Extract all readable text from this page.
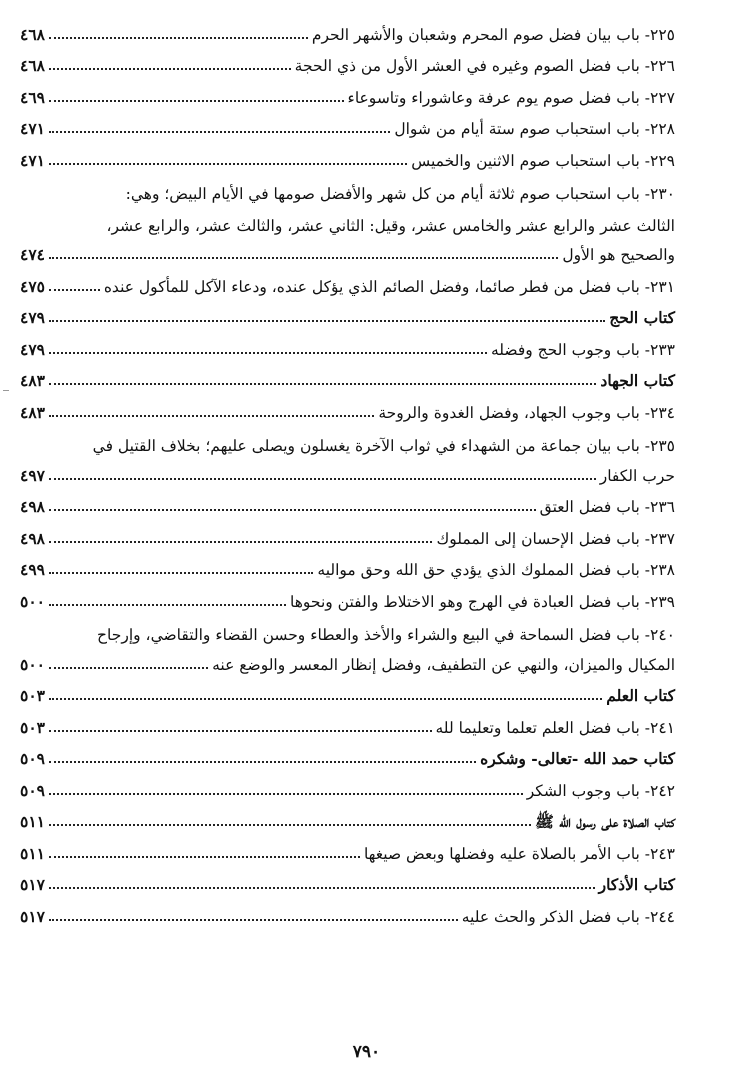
٢٢٥- باب بيان فضل صوم المحرم وشعبان والأشهر الحرم
٤٦٨
٢٢٦- باب فضل الصوم وغيره في العشر الأول من ذي الحجة
٤٦٨
٢٢٧- باب فضل صوم يوم عرفة وعاشوراء وتاسوعاء
٤٦٩
٢٢٨- باب استحباب صوم ستة أيام من شوال
٤٧١
٢٢٩- باب استحباب صوم الاثنين والخميس
٤٧١
٢٣٠- باب استحباب صوم ثلاثة أيام من كل شهر والأفضل صومها في الأيام البيض؛ وهي:
الثالث عشر والرابع عشر والخامس عشر، وقيل: الثاني عشر، والثالث عشر، والرابع عشر،
والصحيح هو الأول
٤٧٤
٢٣١- باب فضل من فطر صائما، وفضل الصائم الذي يؤكل عنده، ودعاء الآكل للمأكول عنده
٤٧٥
كتاب الحج
٤٧٩
٢٣٣- باب وجوب الحج وفضله
٤٧٩
كتاب الجهاد
٤٨٣
٢٣٤- باب وجوب الجهاد، وفضل الغدوة والروحة
٤٨٣
٢٣٥- باب بيان جماعة من الشهداء في ثواب الآخرة يغسلون ويصلى عليهم؛ بخلاف القتيل في
حرب الكفار
٤٩٧
٢٣٦- باب فضل العتق
٤٩٨
٢٣٧- باب فضل الإحسان إلى المملوك
٤٩٨
٢٣٨- باب فضل المملوك الذي يؤدي حق الله وحق مواليه
٤٩٩
٢٣٩- باب فضل العبادة في الهرج وهو الاختلاط والفتن ونحوها
٥٠٠
٢٤٠- باب فضل السماحة في البيع والشراء والأخذ والعطاء وحسن القضاء والتقاضي، وإرجاح
المكيال والميزان، والنهي عن التطفيف، وفضل إنظار المعسر والوضع عنه
٥٠٠
كتاب العلم
٥٠٣
٢٤١- باب فضل العلم تعلما وتعليما لله
٥٠٣
كتاب حمد الله -تعالى- وشكره
٥٠٩
٢٤٢- باب وجوب الشكر
٥٠٩
كتاب الصلاة على رسول الله ﷺ
٥١١
٢٤٣- باب الأمر بالصلاة عليه وفضلها وبعض صيغها
٥١١
كتاب الأذكار
٥١٧
٢٤٤- باب فضل الذكر والحث عليه
٥١٧
٧٩٠
